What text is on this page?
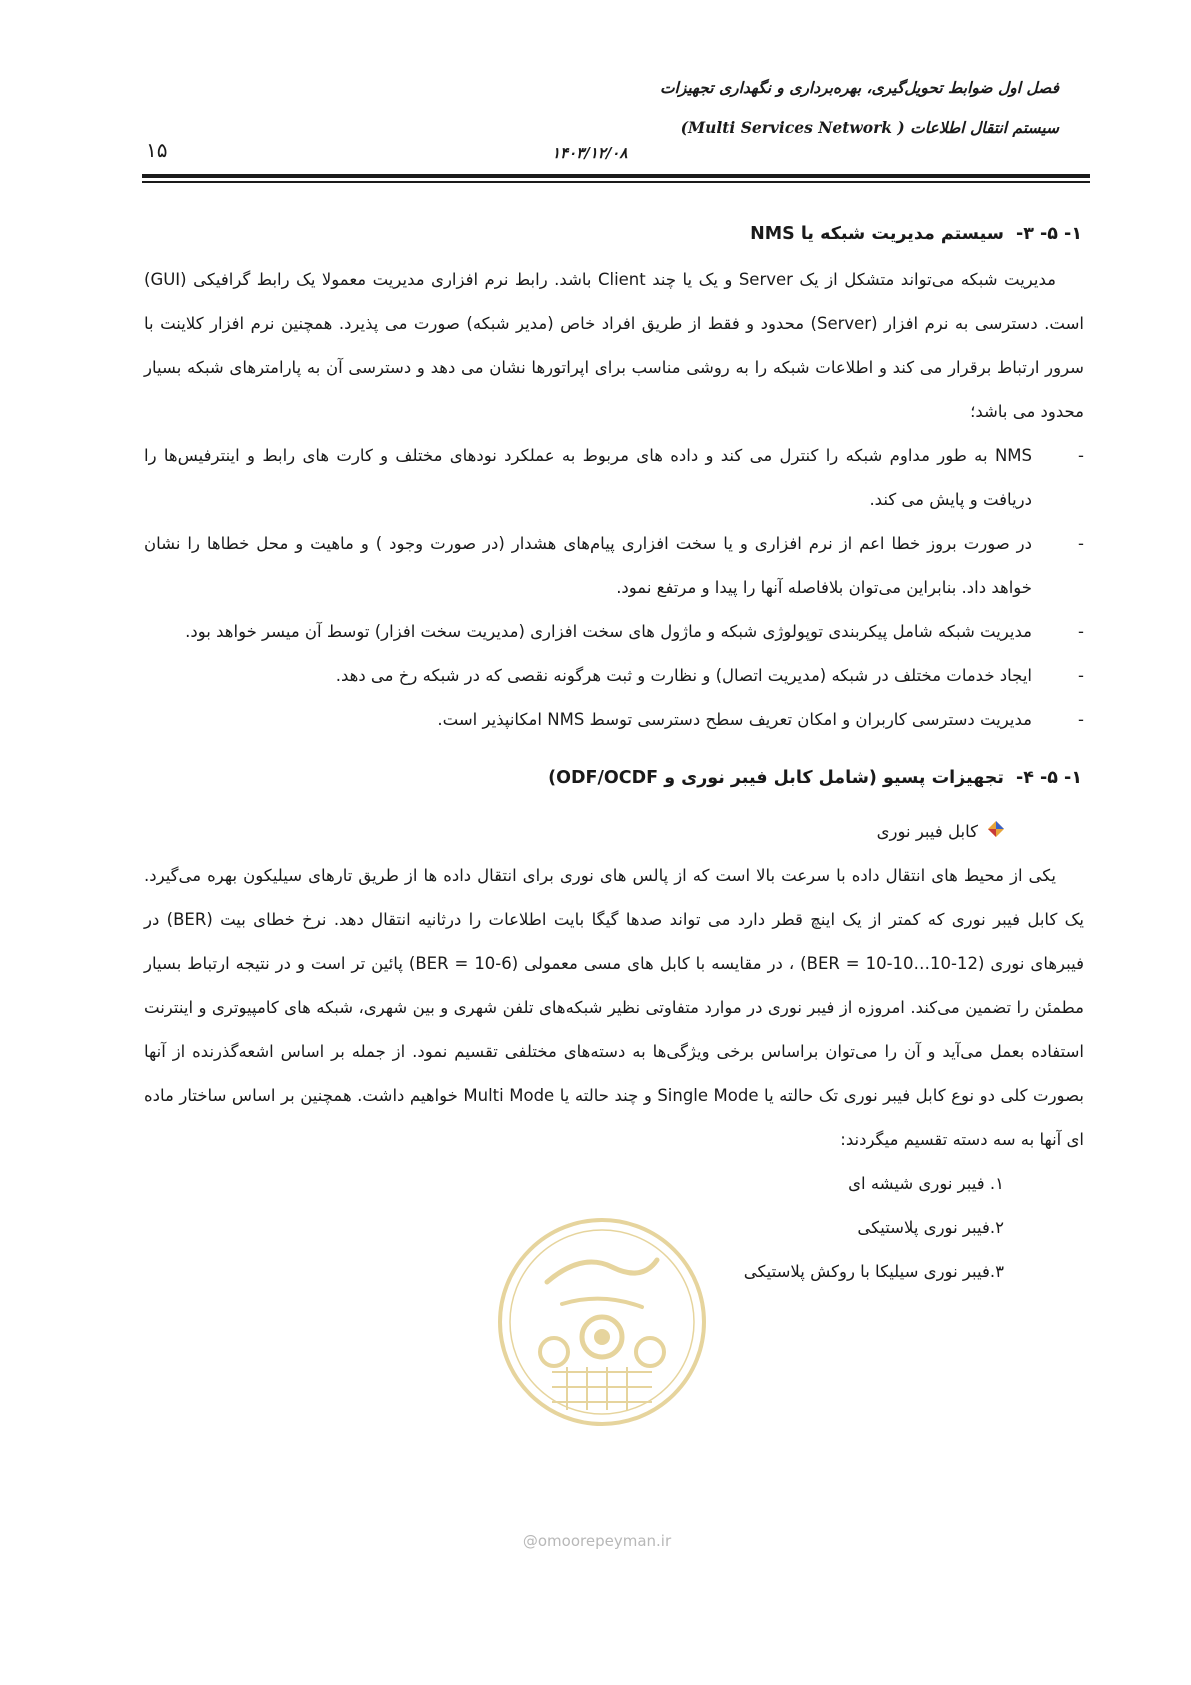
فصل اول ضوابط تحویل‌گیری، بهره‌برداری و نگهداری تجهیزات
سیستم انتقال اطلاعات ( Multi Services Network)
۱۴۰۳/۱۲/۰۸
۱۵
۱- ۵- ۳-سیستم مدیریت شبکه یا NMS

مدیریت شبکه می‌تواند متشکل از یک Server و یک یا چند Client باشد. رابط نرم افزاری مدیریت معمولا یک رابط گرافیکی (GUI) است. دسترسی به نرم افزار (Server) محدود و فقط از طریق افراد خاص (مدیر شبکه) صورت می پذیرد. همچنین نرم افزار کلاینت با سرور ارتباط برقرار می کند و اطلاعات شبکه را به روشی مناسب برای اپراتورها نشان می دهد و دسترسی آن به پارامترهای شبکه بسیار محدود می باشد؛

-
NMS به طور مداوم شبکه را کنترل می کند و داده های مربوط به عملکرد نودهای مختلف و کارت های رابط و اینترفیس‌ها را دریافت و پایش می کند.
-
در صورت بروز خطا اعم از نرم افزاری و یا سخت افزاری پیام‌های هشدار (در صورت وجود ) و ماهیت و محل خطاها را نشان خواهد داد. بنابراین می‌توان بلافاصله آنها را پیدا و مرتفع نمود.
-
مدیریت شبکه شامل پیکربندی توپولوژی شبکه و ماژول های سخت افزاری (مدیریت سخت افزار) توسط آن میسر خواهد بود.
-
ایجاد خدمات مختلف در شبکه (مدیریت اتصال) و نظارت و ثبت هرگونه نقصی که در شبکه رخ می دهد.
-
مدیریت دسترسی کاربران و امکان تعریف سطح دسترسی توسط NMS امکانپذیر است.
۱- ۵- ۴-تجهیزات پسیو (شامل کابل فیبر نوری و ODF/OCDF)
کابل فیبر نوری

یکی از محیط های انتقال داده با سرعت بالا است که از پالس های نوری برای انتقال داده ها از طریق تارهای سیلیکون بهره می‌گیرد. یک کابل فیبر نوری که کمتر از یک اینچ قطر دارد می تواند صدها گیگا بایت اطلاعات را درثانیه انتقال دهد. نرخ خطای بیت (BER) در فیبرهای نوری (BER = 10-10…10-12) ، در مقایسه با کابل های مسی معمولی (BER = 10-6) پائین تر است و در نتیجه ارتباط بسیار مطمئن را تضمین می‌کند. امروزه از فیبر نوری در موارد متفاوتی نظیر شبکه‌های تلفن شهری و بین شهری، شبکه های کامپیوتری و اینترنت استفاده بعمل می‌آید و آن را می‌توان براساس برخی ویژگی‌ها به دسته‌های مختلفی تقسیم نمود. از جمله بر اساس اشعه‌گذرنده از آنها بصورت کلی دو نوع کابل فیبر نوری تک حالته یا Single Mode و چند حالته یا Multi Mode خواهیم داشت. همچنین بر اساس ساختار ماده ای آنها به سه دسته تقسیم میگردند:

۱. فیبر نوری شیشه ای
۲.فیبر نوری پلاستیکی
۳.فیبر نوری سیلیکا با روکش پلاستیکی
@omoorepeyman.ir
